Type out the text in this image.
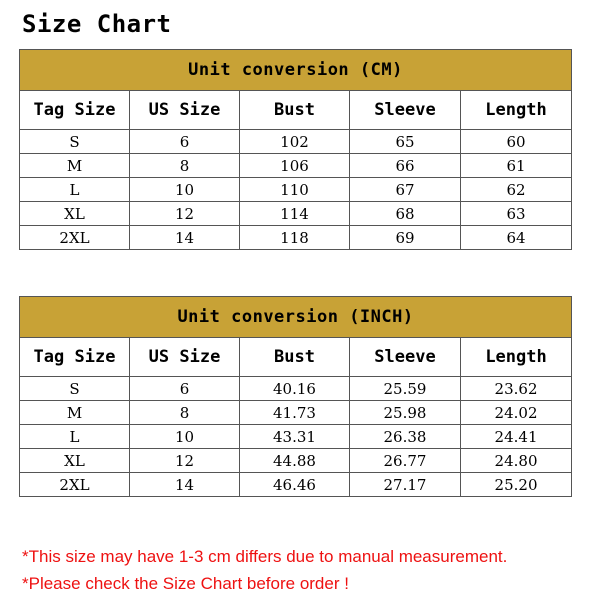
Size Chart
Unit conversion (CM)				
Tag Size	US Size	Bust	Sleeve	Length
S	6	102	65	60
M	8	106	66	61
L	10	110	67	62
XL	12	114	68	63
2XL	14	118	69	64
Unit conversion (INCH)				
Tag Size	US Size	Bust	Sleeve	Length
S	6	40.16	25.59	23.62
M	8	41.73	25.98	24.02
L	10	43.31	26.38	24.41
XL	12	44.88	26.77	24.80
2XL	14	46.46	27.17	25.20
*This size may have 1-3 cm differs due to manual measurement.
*Please check the Size Chart before order !
